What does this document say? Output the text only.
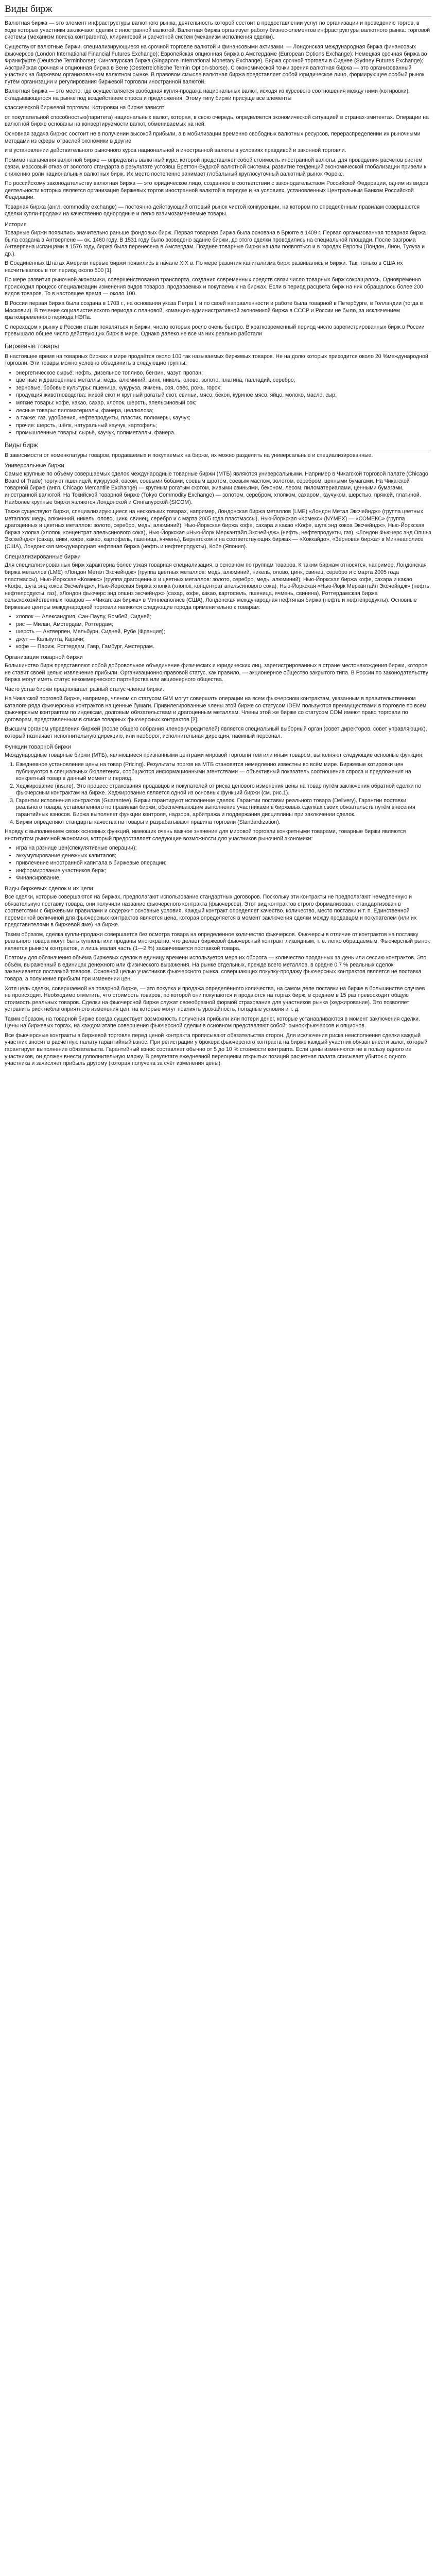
Виды бирж

Валютная биржа — это элемент инфраструктуры валютного рынка, деятельность которой состоит в предоставлении услуг по организации и проведению торгов, в ходе которых участники заключают сделки с иностранной валютой. Валютная биржа организует работу бизнес-элементов инфраструктуры валютного рынка: торговой системы (механизм поиска контрагента), клиринговой и расчетной систем (механизм исполнения сделки).

Существуют валютные биржи, специализирующиеся на срочной торговле валютой и финансовыми активами. — Лондонская международная биржа финансовых фьючерсов (London International Financial Futures Exchange); Европейская опционная биржа в Амстердаме (European Options Exchange); Немецкая срочная биржа во Франкфурте (Deutsche Terminborse); Сингапурская биржа (Singapore International Monetary Exchange). Биржа срочной торговли в Сиднее (Sydney Futures Exchange); Австрийская срочная и опционная биржа в Вене (Oesterreichische Termin Option-sborse). С экономической точки зрения валютная биржа — это организованный участник на биржевом организованном валютном рынке. В правовом смысле валютная биржа представляет собой юридическое лицо, формирующее особый рынок путём организации и регулирования биржевой торговли иностранной валютой.

Валютная биржа — это место, где осуществляется свободная купля-продажа национальных валют, исходя из курсового соотношения между ними (котировки), складывающегося на рынке под воздействием спроса и предложения. Этому типу биржи присуще все элементы

классической биржевой торговли. Котировки на бирже зависят

от покупательной способностью(паритета) национальных валют, которая, в свою очередь, определяется экономической ситуацией в странах-эмитентах. Операции на валютной бирже основаны на конвертируемости валют, обмениваемых на ней.

Основная задача биржи: состоит не в получении высокой прибыли, а в мобилизации временно свободных валютных ресурсов, перераспределении их рыночными методами из сферы отраслей экономики в другие

и в установлении действительного рыночного курса национальной и иностранной валюты в условиях правдивой и законной торговли.

Помимо назначения валютной бирже — определять валютный курс, которой представляет собой стоимость иностранной валюты, для проведения расчетов систем связи, массовый отказ от золотого стандарта в результате устоявш Бреттон-Вудской валютной системы, развитие тенденций экономической глобализации привели к снижению роли национальных валютных бирж. Их место постепенно занимает глобальный круглосуточный валютный рынок Форекс.

По российскому законодательству валютная биржа — это юридическое лицо, созданное в соответствии с законодательством Российской Федерации, одним из видов деятельности которых является организация биржевых торгов иностранной валютой в порядке и на условиях, установленных Центральным Банком Российской Федерации.

Товарная биржа (англ. commodity exchange) — постоянно действующий оптовый рынок чистой конкуренции, на котором по определённым правилам совершаются сделки купли-продажи на качественно однородные и легко взаимозаменяемые товары.

История

Товарные биржи появились значительно раньше фондовых бирж. Первая товарная биржа была основана в Брюгге в 1409 г. Первая организованная товарная биржа была создана в Антверпене — ок. 1460 году. В 1531 году было возведено здание биржи, до этого сделки проводились на специальной площади. После разгрома Антверпена испанцами в 1576 году, биржа была перенесена в Амстердам. Позднее товарные биржи начали появляться и в городах Европы (Лондон, Лион, Тулуза и др.).

В Соединённых Штатах Америки первые биржи появились в начале XIX в. По мере развития капитализма бирж развивались и биржи. Так, только в США их насчитывалось в тот период около 500 [1].

По мере развития рыночной экономики, совершенствования транспорта, создания современных средств связи число товарных бирж сокращалось. Одновременно происходил процесс специализации изменения видов товаров, продаваемых и покупаемых на биржах. Если в период расцвета бирж на них обращалось более 200 видов товаров. То в настоящее время — около 100.

В России первая биржа была создана в 1703 г., на основании указа Петра I, и по своей направленности и работе была товарной в Петербурге, в Голландии (тогда в Московии). В течение социалистического периода с плановой, командно-административной экономикой биржа в СССР и России не было, за исключением кратковременного периода НЭПа.

С переходом к рынку в России стали появляться и биржи, число которых росло очень быстро. В кратковременный период число зарегистрированных бирж в России превышало общее число действующих бирж в мире. Однако далеко не все из них реально работали

Биржевые товары

В настоящее время на товарных биржах в мире продаётся около 100 так называемых биржевых товаров. Не на долю которых приходится около 20 %международной торговли. Эти товары можно условно объединить в следующие группы:

• энергетическое сырьё: нефть, дизельное топливо, бензин, мазут, пропан;
• цветные и драгоценные металлы: медь, алюминий, цинк, никель, олово, золото, платина, палладий, серебро;
• зерновые, бобовые культуры: пшеница, кукуруза, ячмень, соя, овёс, рожь, горох;
• продукция животноводства: живой скот и крупный рогатый скот, свиньи, мясо, бекон, куриное мясо, яйцо, молоко, масло, сыр;
• мягкие товары: кофе, какао, сахар, хлопок, шерсть, апельсиновый сок;
• лесные товары: пиломатериалы, фанера, целлюлоза;
• а также: газ, удобрения, нефтепродукты, пластик, полимеры, каучук;
• прочие: шерсть, шёлк, натуральный каучук, картофель;
• промышленные товары: сырьё, каучук, полиметаллы, фанера.
Виды бирж

В зависимости от номенклатуры товаров, продаваемых и покупаемых на бирже, их можно разделить на универсальные и специализированные.

Универсальные биржи

Самые крупные по объёму совершаемых сделок международные товарные биржи (МТБ) являются универсальными. Например в Чикагской торговой палате (Chicago Board of Trade) торгуют пшеницей, кукурузой, овсом, соевыми бобами, соевым шротом, соевым маслом, золотом, серебром, ценными бумагами. На Чикагской товарной бирже (англ. Chicago Mercantile Exchange) — крупным рогатым скотом, живыми свиньями, беконом, лесом, пиломатериалами, ценными бумагами, иностранной валютой. На Токийской товарной бирже (Tokyo Commodity Exchange) — золотом, серебром, хлопком, сахаром, каучуком, шерстью, пряжей, платиной. Наиболее крупные биржи являются Лондонской и Сингапурской (SICOM).

Также существуют биржи, специализирующиеся на нескольких товарах, например, Лондонская биржа металлов (LME) «Лондон Метал Эксчейндж» (группа цветных металлов: медь, алюминий, никель, олово, цинк, свинец, серебро и с марта 2005 года пластмассы), Нью-Йоркская «Комекс» (NYMEX) — «СОМЕКС» (группа драгоценных и цветных металлов: золото, серебро, медь, алюминий). Нью-Йоркская биржа кофе, сахара и какао «Кофе, шуга энд кокоа Эксчейндж», Нью-Йоркская биржа хлопка (хлопок, концентрат апельсинового сока), Нью-Йоркская «Нью-Йорк Меркантайл Эксчейндж» (нефть, нефтепродукты, газ), «Лондон Фьючерс энд Опшнз Экскейндж» (сахар, вики, кофе, какао, картофель, пшеница, ячмень), Бернатском и на соответствующих биржах — «Хоккайдо», «Зерновая биржа» в Миннеаполисе (США), Лондонская международная нефтяная биржа (нефть и нефтепродукты), Кобе (Япония).

Специализированные биржи

Для специализированных бирж характерна более узкая товарная специализация, в основном по группам товаров. К таким биржам относятся, например, Лондонская биржа металлов (LME) «Лондон Метал Эксчейндж» (группа цветных металлов: медь, алюминий, никель, олово, цинк, свинец, серебро и с марта 2005 года пластмассы), Нью-Йоркская «Комекс» (группа драгоценных и цветных металлов: золото, серебро, медь, алюминий), Нью-Йоркская биржа кофе, сахара и какао «Кофе, шуга энд кокоа Эксчейндж», Нью-Йоркская биржа хлопка (хлопок, концентрат апельсинового сока), Нью-Йоркская «Нью-Йорк Меркантайл Эксчейндж» (нефть, нефтепродукты, газ), «Лондон фьючерс энд опшнз эксчейндж» (сахар, кофе, какао, картофель, пшеница, ячмень, свинина), Роттердамская биржа сельскохозяйственных товаров — «Чикагская биржа» в Миннеаполисе (США), Лондонская международная нефтяная биржа (нефть и нефтепродукты). Основные биржевые центры международной торговли являются следующие города применительно к товарам:

• хлопок — Александрия, Сан-Паулу, Бомбей, Сидней;
• рис — Милан, Амстердам, Роттердам;
• шерсть — Антверпен, Мельбурн, Сидней, Рубе (Франция);
• джут — Калькутта, Карачи;
• кофе — Париж, Роттердам, Гавр, Гамбург, Амстердам.
Организация товарной биржи

Большинство бирж представляют собой добровольное объединение физических и юридических лиц, зарегистрированных в стране местонахождения биржи, которое не ставит своей целью извлечение прибыли. Организационно-правовой статус, как правило, — акционерное общество закрытого типа. В России по законодательству биржа могут иметь статус некоммерческого партнёрства или акционерного общества.

Часто устав биржи предполагает разный статус членов биржи.

На Чикагской торговой бирже, например, членом со статусом GIM могут совершать операции на всем фьючерсном контрактам, указанным в правительственном каталоге ряда фьючерсных контрактов на ценные бумаги. Привилегированные члены этой бирже со статусом IDEM пользуются преимуществами в торговле по всем фьючерсным контрактам по индексам, долговым обязательствам и драгоценным металлам. Члены этой же бирже со статусом COM имеют право торговли по договорам, представленным в списке товарных фьючерсных контрактов [2].

Высшим органом управления биржей (после общего собрания членов-учредителей) является специальный выборный орган (совет директоров, совет управляющих), который назначает исполнительную дирекцию, или наоборот, исполнительная дирекция, наемный персонал.

Функции товарной биржи

Международные товарные биржи (МТБ), являющиеся признанными центрами мировой торговли тем или иным товаром, выполняют следующие основные функции:

1. Ежедневное установление цены на товар (Pricing). Результаты торгов на МТБ становятся немедленно известны во всём мире. Биржевые котировки цен публикуются в специальных бюллетенях, сообщаются информационными агентствами — объективный показатель соотношения спроса и предложения на конкретный товар в данный момент и период.
2. Хеджирование (insure). Это процесс страхования продавцов и покупателей от риска ценового изменения цены на товар путём заключения обратной сделки по фьючерсным контрактам на бирже. Хеджирование является одной из основных функций биржи (см. рис.1).
3. Гарантии исполнения контрактов (Guarantee). Биржи гарантируют исполнение сделок. Гарантии поставки реального товара (Delivery). Гарантии поставки реального товара, установленного по правилам биржи, обеспечивающим выполнение участниками в биржевых сделках своих обязательств путём внесения гарантийных взносов. Биржа выполняет функции контроля, надзора, арбитража и поддержания дисциплины при заключении сделок.
4. Биржи определяют стандарты качества на товары и разрабатывают правила торговли (Standardization).

Наряду с выполнением своих основных функций, имеющих очень важное значение для мировой торговли конкретными товарами, товарные биржи являются институтом рыночной экономики, который предоставляет следующие возможности для участников рыночной экономики:

• игра на разнице цен(спекулятивные операции);
• аккумулирование денежных капиталов;
• привлечение иностранной капитала в биржевые операции;
• информирование участников бирж;
• Финансирование.
Виды биржевых сделок и их цели

Все сделки, которые совершаются на биржах, предполагают использование стандартных договоров. Поскольку эти контракты не предполагают немедленную и обязательную поставку товара, они получили название фьючерсного контракта (фьючерсов). Этот вид контрактов строго формализован, стандартизован в соответствии с биржевыми правилами и содержит основные условия. Каждый контракт определяет качество, количество, место поставки и т. п. Единственной переменной величиной для фьючерсных контрактов является цена, которая определяется в момент заключения сделки между продавцом и покупателем (или их представителями в биржевой яме) на бирже.

Таким образом, сделка купли-продажи совершается без осмотра товара на определённое количество фьючерсов. Фьючерсы в отличие от контрактов на поставку реального товара могут быть куплены или проданы многократно, что делает биржевой фьючерсный контракт ликвидным, т. е. легко обращаемым. Фьючерсный рынок является рынком контрактов, и лишь малая часть (1—2 %) заканчивается поставкой товара.

Поэтому для обозначения объёма биржевых сделок в единицу времени используется мера их оборота — количество проданных за день или сессию контрактов. Это объём, выраженный в единицах денежного или физического выражения. На рынке отдельных, прежде всего металлов, в средне 0,7 % реальных сделок заканчивается поставкой товаров. Основной целью участников фьючерсного рынка, совершающих покупку-продажу фьючерсных контрактов является не поставка товара, а получение прибыли при изменении цен.

Хотя цель сделки, совершаемой на товарной бирже, — это покупка и продажа определённого количества, на самом деле поставки на бирже в большинстве случаев не происходит. Необходимо отметить, что стоимость товаров, по которой они покупаются и продаются на торгах бирж, в среднем в 15 раз превосходит общую стоимость реальных товаров. Сделки на фьючерсной бирже служат своеобразной формой страхования для участников рынка (хеджирование). Это позволяет устранить риск неблагоприятного изменения цен, на которые могут повлиять урожайность, погодные условия и т. д.

Таким образом, на товарной бирже всегда существует возможность получения прибыли или потери денег, которые устанавливаются в момент заключения сделки. Цены на биржевых торгах, на каждом этапе совершения фьючерсной сделки в основном представляют собой: рынок фьючерсов и опционов.

Все фьючерсные контракты в биржевой торговле перед ценой контракта прописывают обязательства сторон. Для исключения риска неисполнения сделки каждый участник вносит в расчётную палату гарантийный взнос. При регистрации у брокера фьючерсного контракта на бирже каждый участник обязан внести залог, который гарантирует выполнение обязательств. Гарантийный взнос составляет обычно от 5 до 10 % стоимости контракта. Если цены изменяются не в пользу одного из участников, он должен внести дополнительную маржу. В результате ежедневной переоценки открытых позиций расчётная палата списывает убыток с одного участника и зачисляет прибыль другому (которая получена за счёт изменения цены).
